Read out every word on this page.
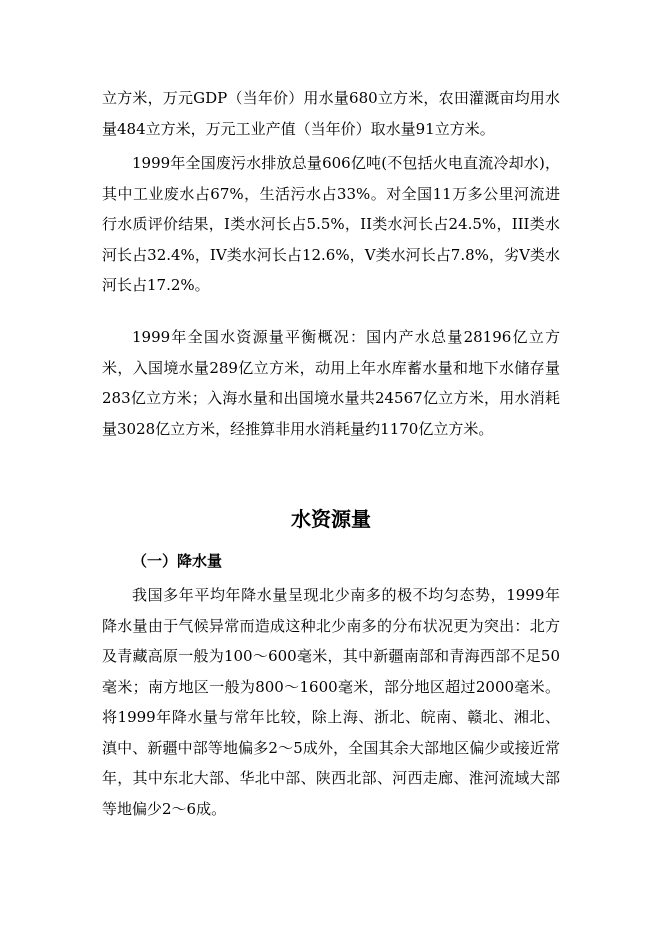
立方米，万元GDP（当年价）用水量680立方米，农田灌溉亩均用水量484立方米，万元工业产值（当年价）取水量91立方米。

1999年全国废污水排放总量606亿吨(不包括火电直流冷却水)，其中工业废水占67%，生活污水占33%。对全国11万多公里河流进行水质评价结果，I类水河长占5.5%，II类水河长占24.5%，III类水河长占32.4%，IV类水河长占12.6%，V类水河长占7.8%，劣V类水河长占17.2%。

1999年全国水资源量平衡概况：国内产水总量28196亿立方米，入国境水量289亿立方米，动用上年水库蓄水量和地下水储存量283亿立方米；入海水量和出国境水量共24567亿立方米，用水消耗量3028亿立方米，经推算非用水消耗量约1170亿立方米。

水资源量
（一）降水量

我国多年平均年降水量呈现北少南多的极不均匀态势，1999年降水量由于气候异常而造成这种北少南多的分布状况更为突出：北方及青藏高原一般为100～600毫米，其中新疆南部和青海西部不足50毫米；南方地区一般为800～1600毫米，部分地区超过2000毫米。将1999年降水量与常年比较，除上海、浙北、皖南、赣北、湘北、滇中、新疆中部等地偏多2～5成外，全国其余大部地区偏少或接近常年，其中东北大部、华北中部、陕西北部、河西走廊、淮河流域大部等地偏少2～6成。
